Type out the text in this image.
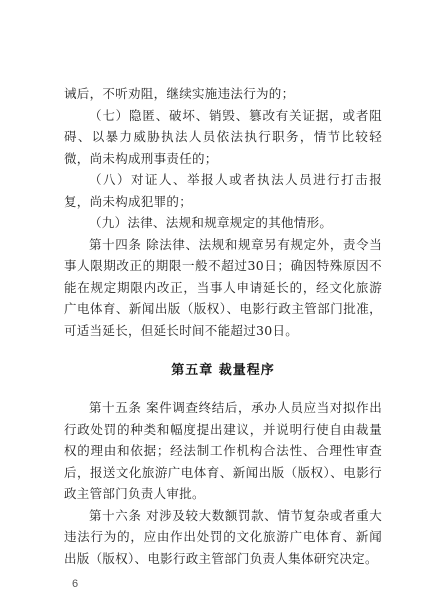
诫后，不听劝阻，继续实施违法行为的；

（七）隐匿、破坏、销毁、篡改有关证据，或者阻碍、以暴力威胁执法人员依法执行职务，情节比较轻微，尚未构成刑事责任的；

（八）对证人、举报人或者执法人员进行打击报复，尚未构成犯罪的；

（九）法律、法规和规章规定的其他情形。

第十四条 除法律、法规和规章另有规定外，责令当事人限期改正的期限一般不超过30日；确因特殊原因不能在规定期限内改正，当事人申请延长的，经文化旅游广电体育、新闻出版（版权）、电影行政主管部门批准，可适当延长，但延长时间不能超过30日。

第五章 裁量程序

第十五条 案件调查终结后，承办人员应当对拟作出行政处罚的种类和幅度提出建议，并说明行使自由裁量权的理由和依据；经法制工作机构合法性、合理性审查后，报送文化旅游广电体育、新闻出版（版权）、电影行政主管部门负责人审批。

第十六条 对涉及较大数额罚款、情节复杂或者重大违法行为的，应由作出处罚的文化旅游广电体育、新闻出版（版权）、电影行政主管部门负责人集体研究决定。

6
